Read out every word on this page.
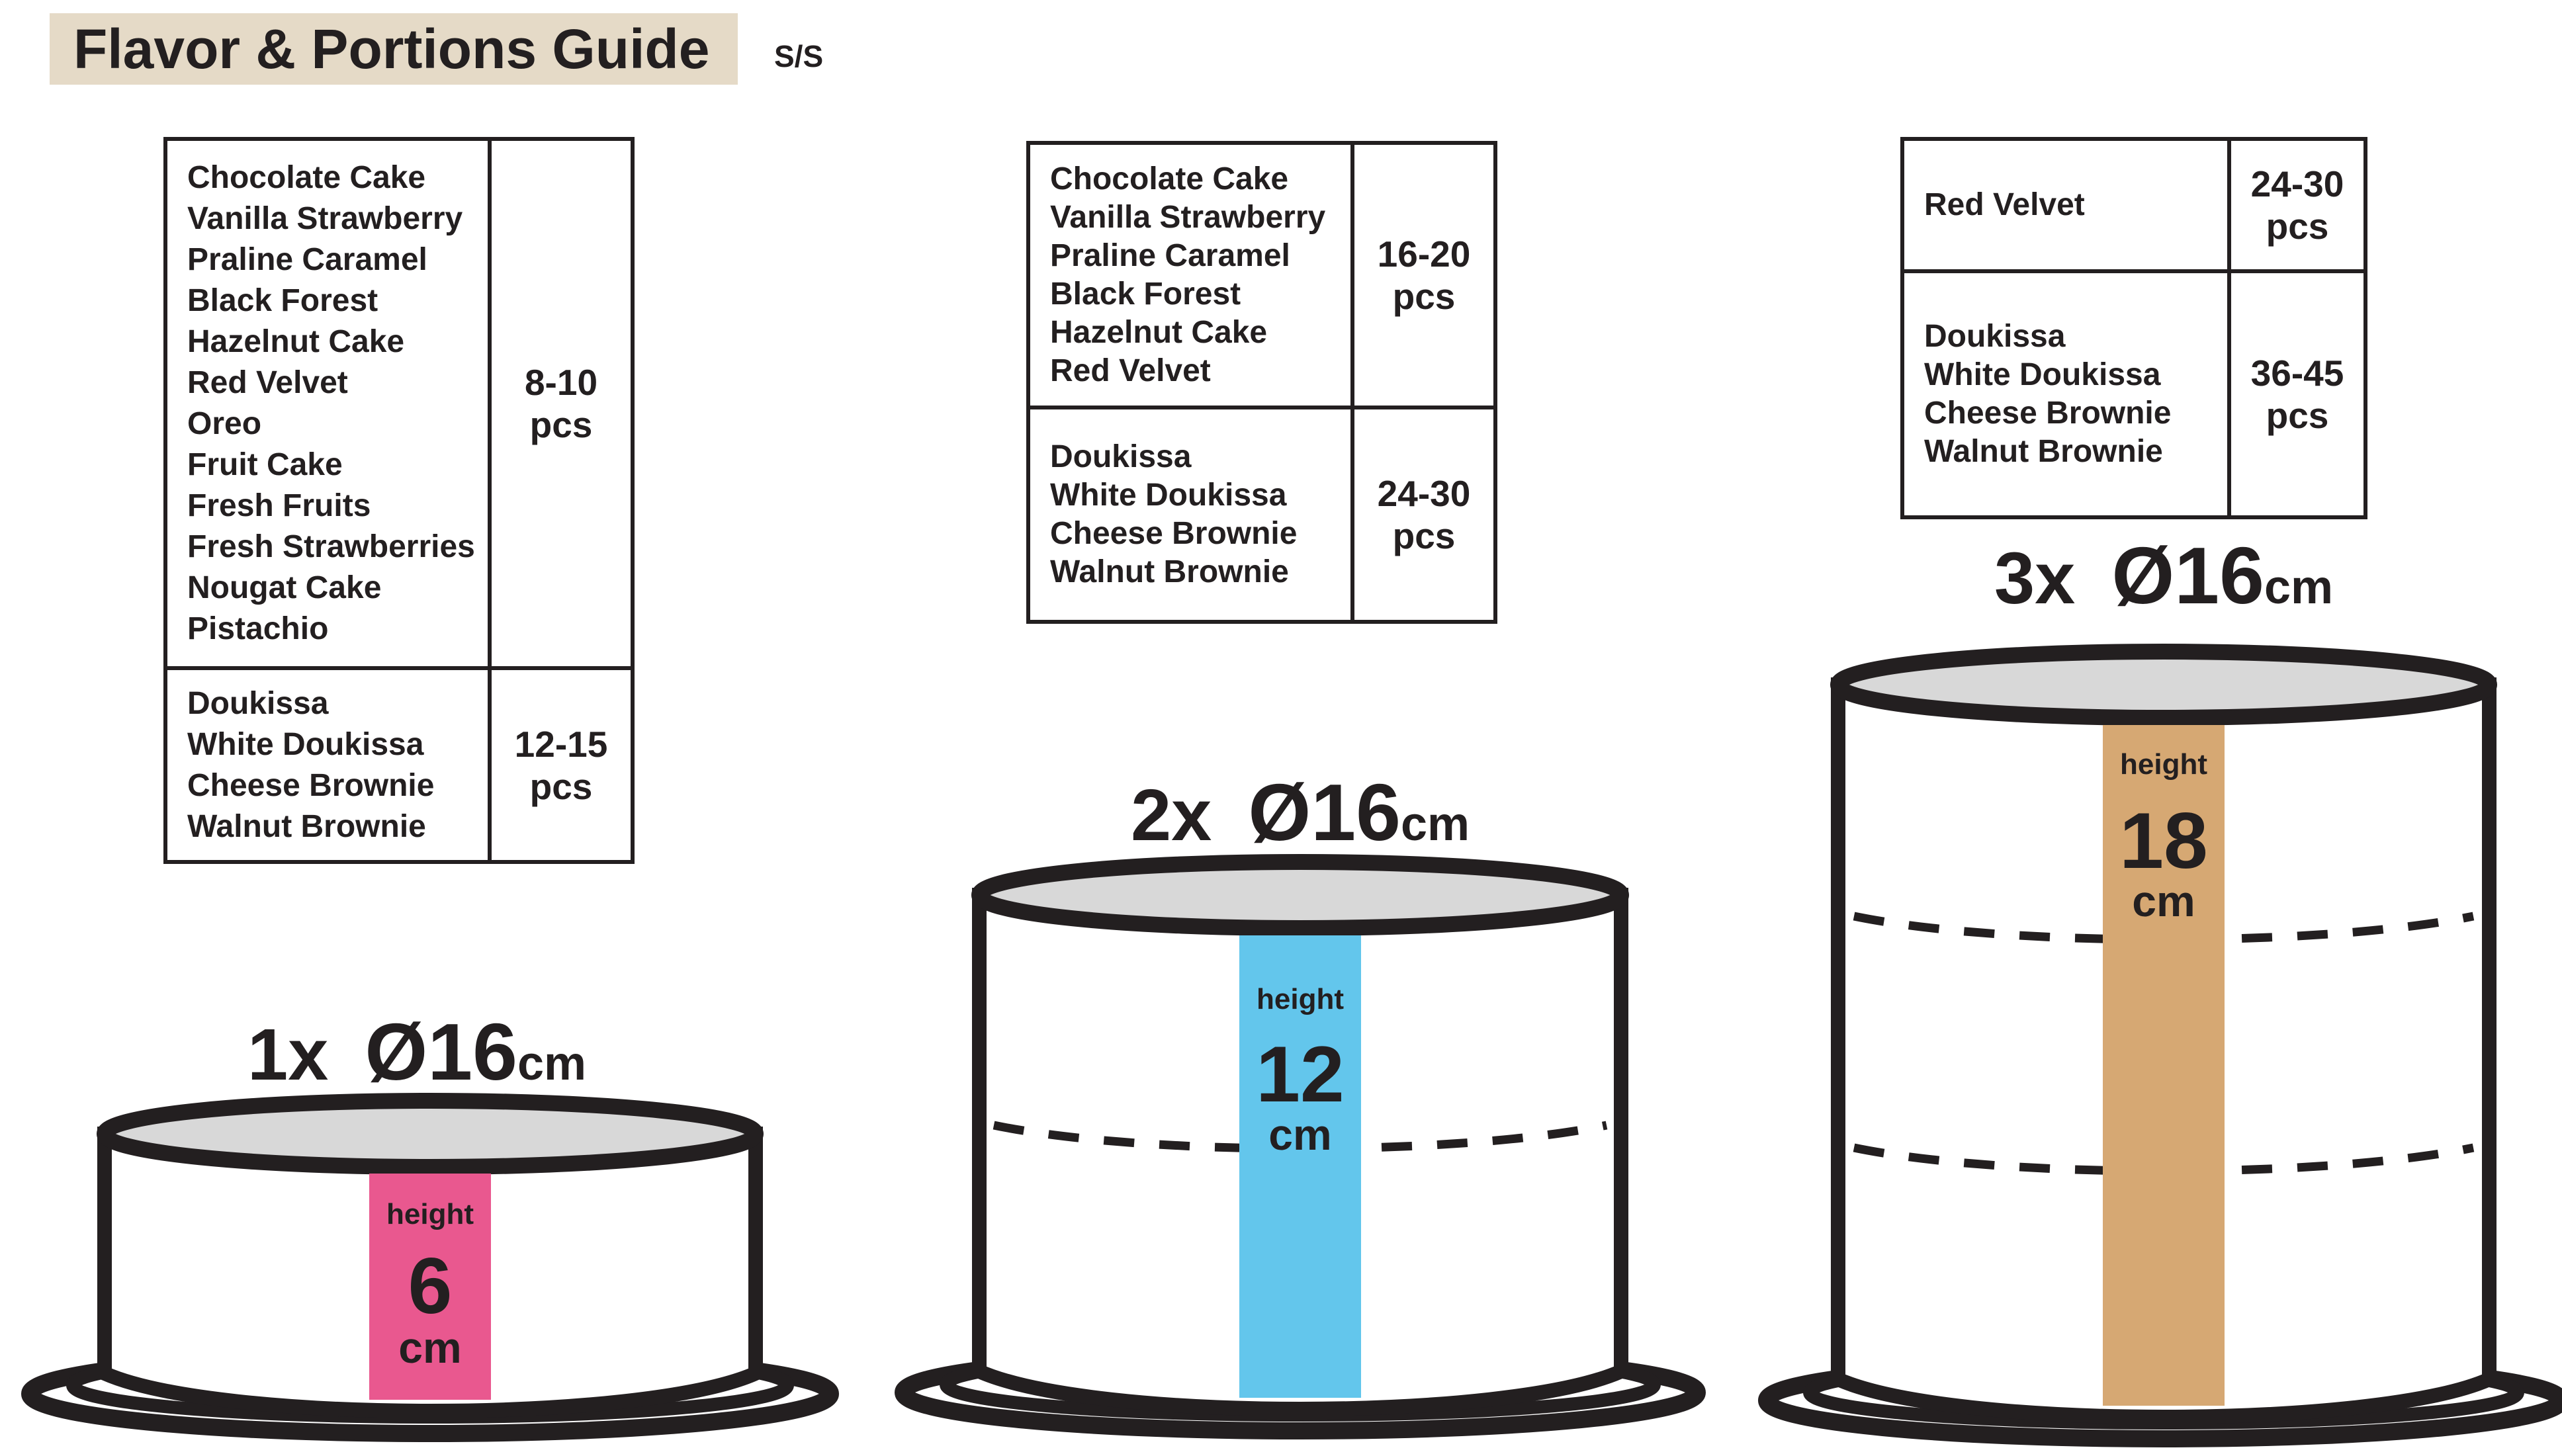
Flavor & Portions Guide S/S
Chocolate Cake
Vanilla Strawberry
Praline Caramel
Black Forest
Hazelnut Cake
Red Velvet
Oreo
Fruit Cake
Fresh Fruits
Fresh Strawberries
Nougat Cake
Pistachio
8-10
pcs
Doukissa
White Doukissa
Cheese Brownie
Walnut Brownie
12-15
pcs
Chocolate Cake
Vanilla Strawberry
Praline Caramel
Black Forest
Hazelnut Cake
Red Velvet
16-20
pcs
Doukissa
White Doukissa
Cheese Brownie
Walnut Brownie
24-30
pcs
Red Velvet
24-30
pcs
Doukissa
White Doukissa
Cheese Brownie
Walnut Brownie
36-45
pcs
1x Ø16cm
height
6
cm
2x Ø16cm
height
12
cm
3x Ø16cm
height
18
cm
